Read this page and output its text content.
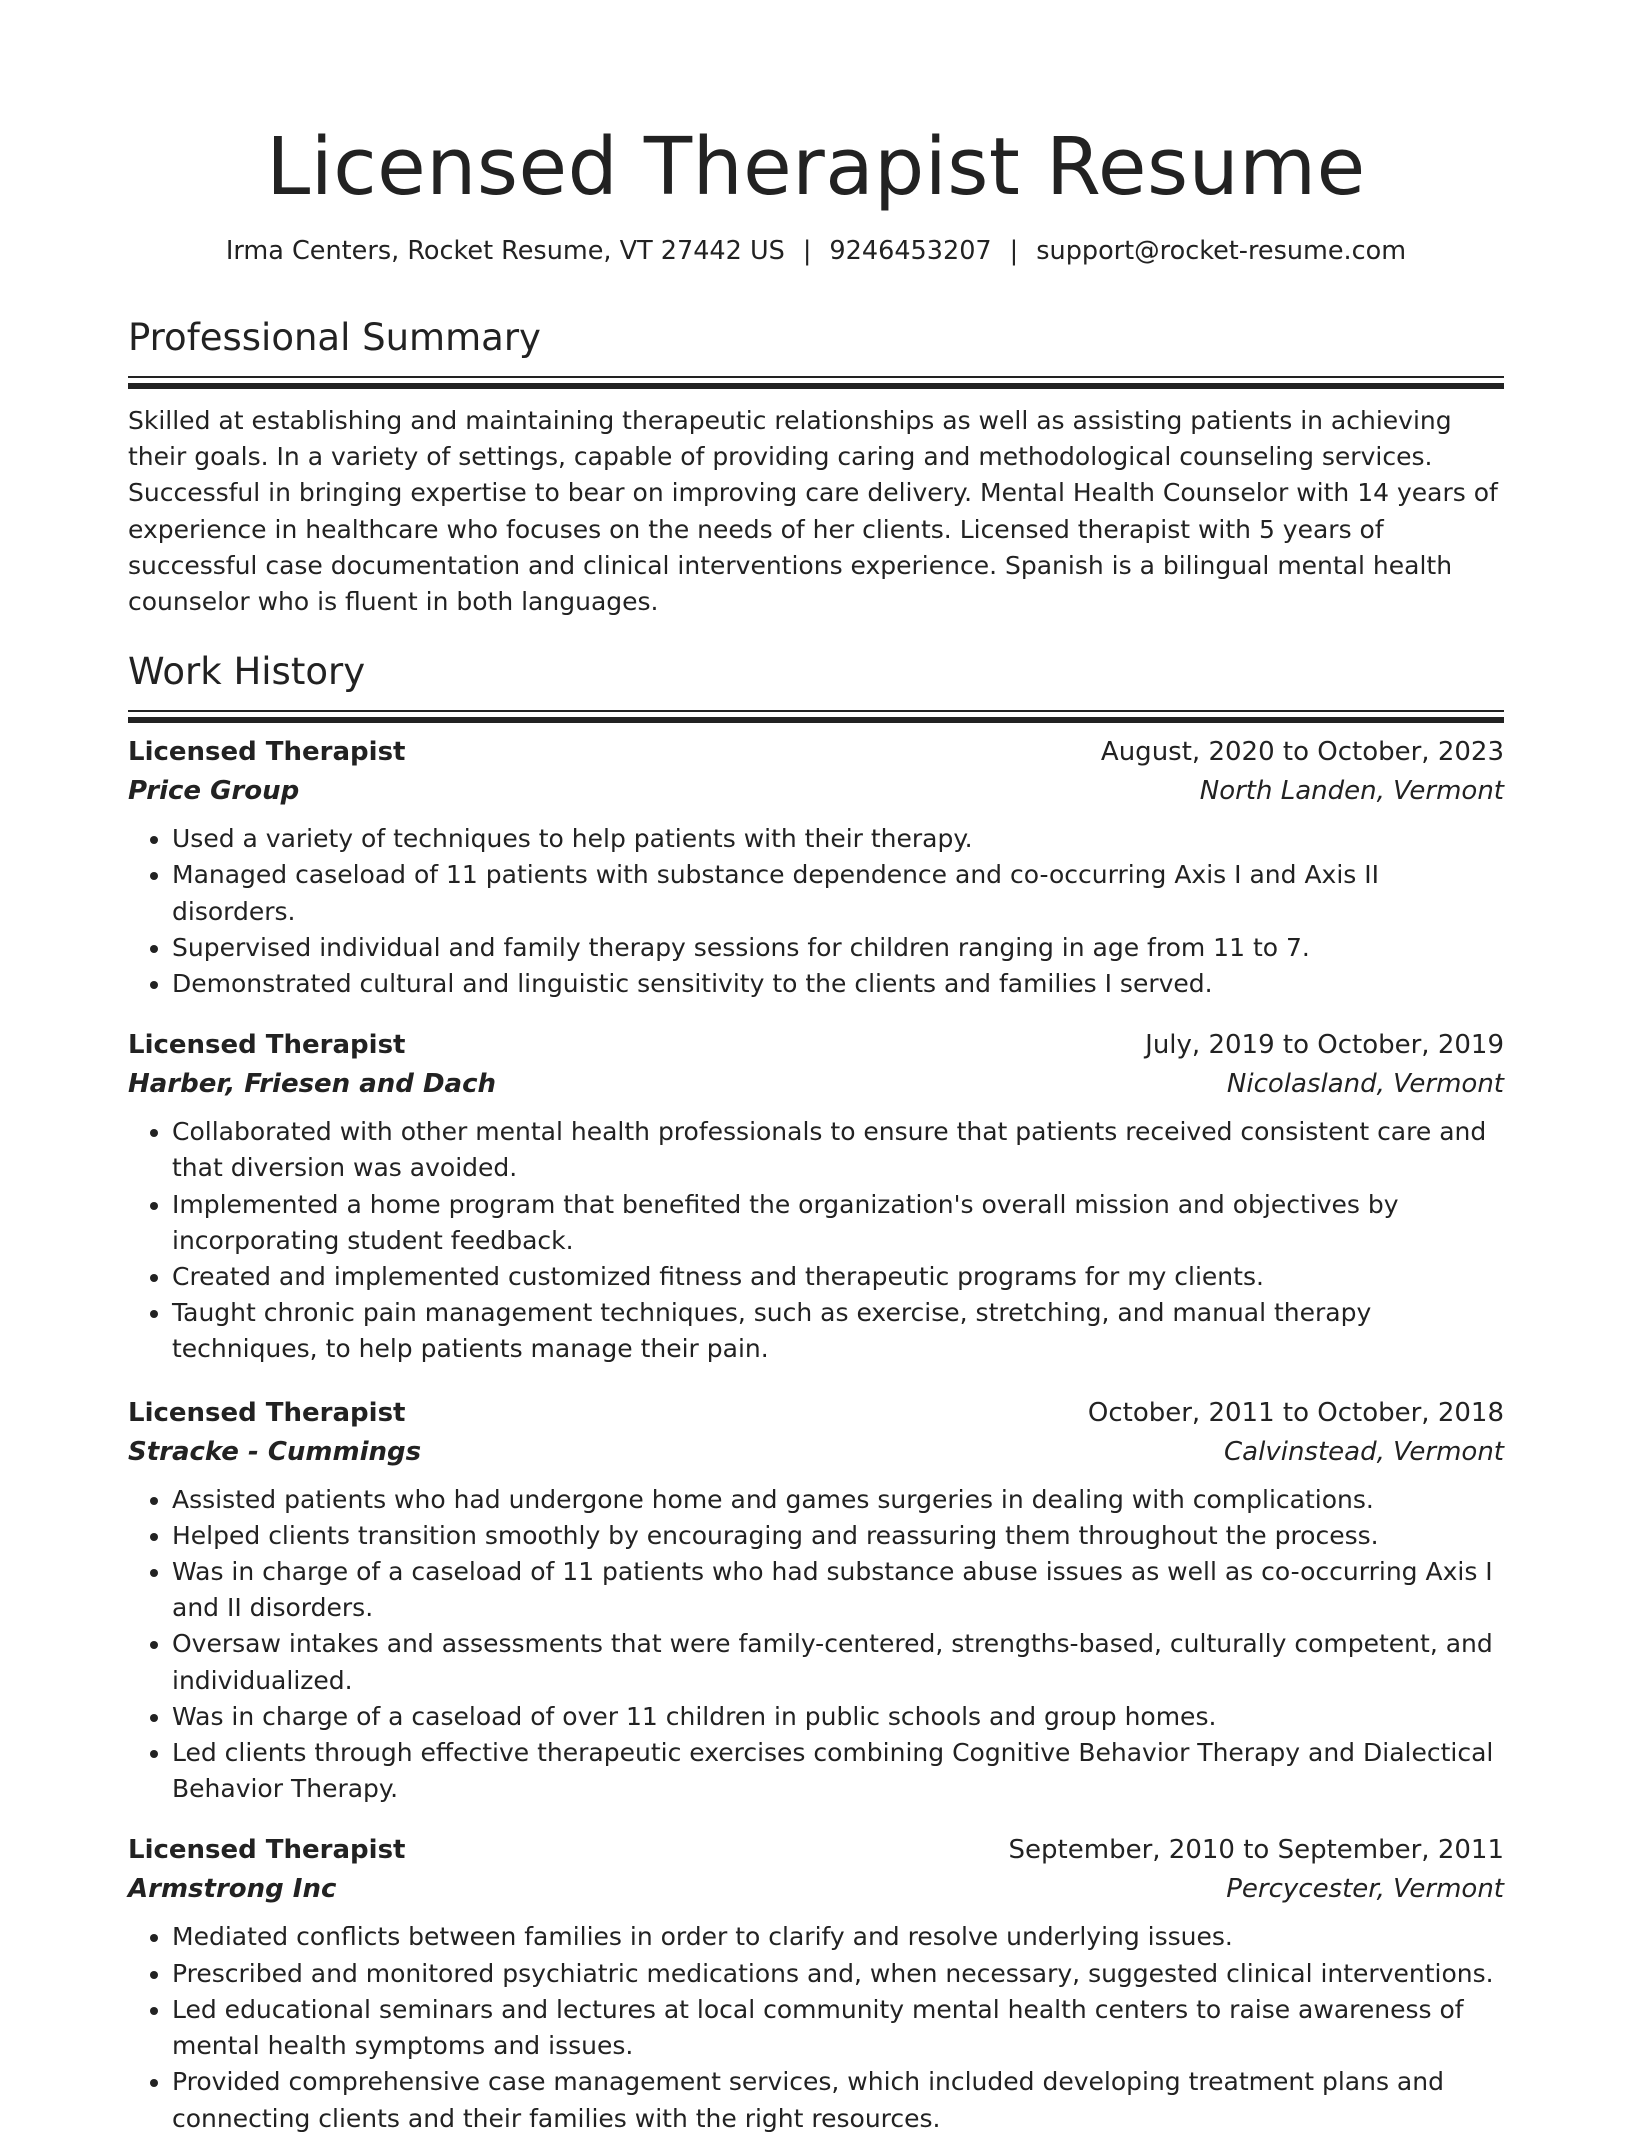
Licensed Therapist Resume
Irma Centers, Rocket Resume, VT 27442 US | 9246453207 | support@rocket-resume.com
Professional Summary

Skilled at establishing and maintaining therapeutic relationships as well as assisting patients in achieving their goals. In a variety of settings, capable of providing caring and methodological counseling services. Successful in bringing expertise to bear on improving care delivery. Mental Health Counselor with 14 years of experience in healthcare who focuses on the needs of her clients. Licensed therapist with 5 years of successful case documentation and clinical interventions experience. Spanish is a bilingual mental health counselor who is fluent in both languages.

Work History
Licensed Therapist	August, 2020 to October, 2023
Price Group	North Landen, Vermont
• Used a variety of techniques to help patients with their therapy.
• Managed caseload of 11 patients with substance dependence and co-occurring Axis I and Axis II disorders.
• Supervised individual and family therapy sessions for children ranging in age from 11 to 7.
• Demonstrated cultural and linguistic sensitivity to the clients and families I served.
Licensed Therapist	July, 2019 to October, 2019
Harber, Friesen and Dach	Nicolasland, Vermont
• Collaborated with other mental health professionals to ensure that patients received consistent care and that diversion was avoided.
• Implemented a home program that benefited the organization's overall mission and objectives by incorporating student feedback.
• Created and implemented customized fitness and therapeutic programs for my clients.
• Taught chronic pain management techniques, such as exercise, stretching, and manual therapy techniques, to help patients manage their pain.
Licensed Therapist	October, 2011 to October, 2018
Stracke - Cummings	Calvinstead, Vermont
• Assisted patients who had undergone home and games surgeries in dealing with complications.
• Helped clients transition smoothly by encouraging and reassuring them throughout the process.
• Was in charge of a caseload of 11 patients who had substance abuse issues as well as co-occurring Axis I and II disorders.
• Oversaw intakes and assessments that were family-centered, strengths-based, culturally competent, and individualized.
• Was in charge of a caseload of over 11 children in public schools and group homes.
• Led clients through effective therapeutic exercises combining Cognitive Behavior Therapy and Dialectical Behavior Therapy.
Licensed Therapist	September, 2010 to September, 2011
Armstrong Inc	Percycester, Vermont
• Mediated conflicts between families in order to clarify and resolve underlying issues.
• Prescribed and monitored psychiatric medications and, when necessary, suggested clinical interventions.
• Led educational seminars and lectures at local community mental health centers to raise awareness of mental health symptoms and issues.
• Provided comprehensive case management services, which included developing treatment plans and connecting clients and their families with the right resources.
